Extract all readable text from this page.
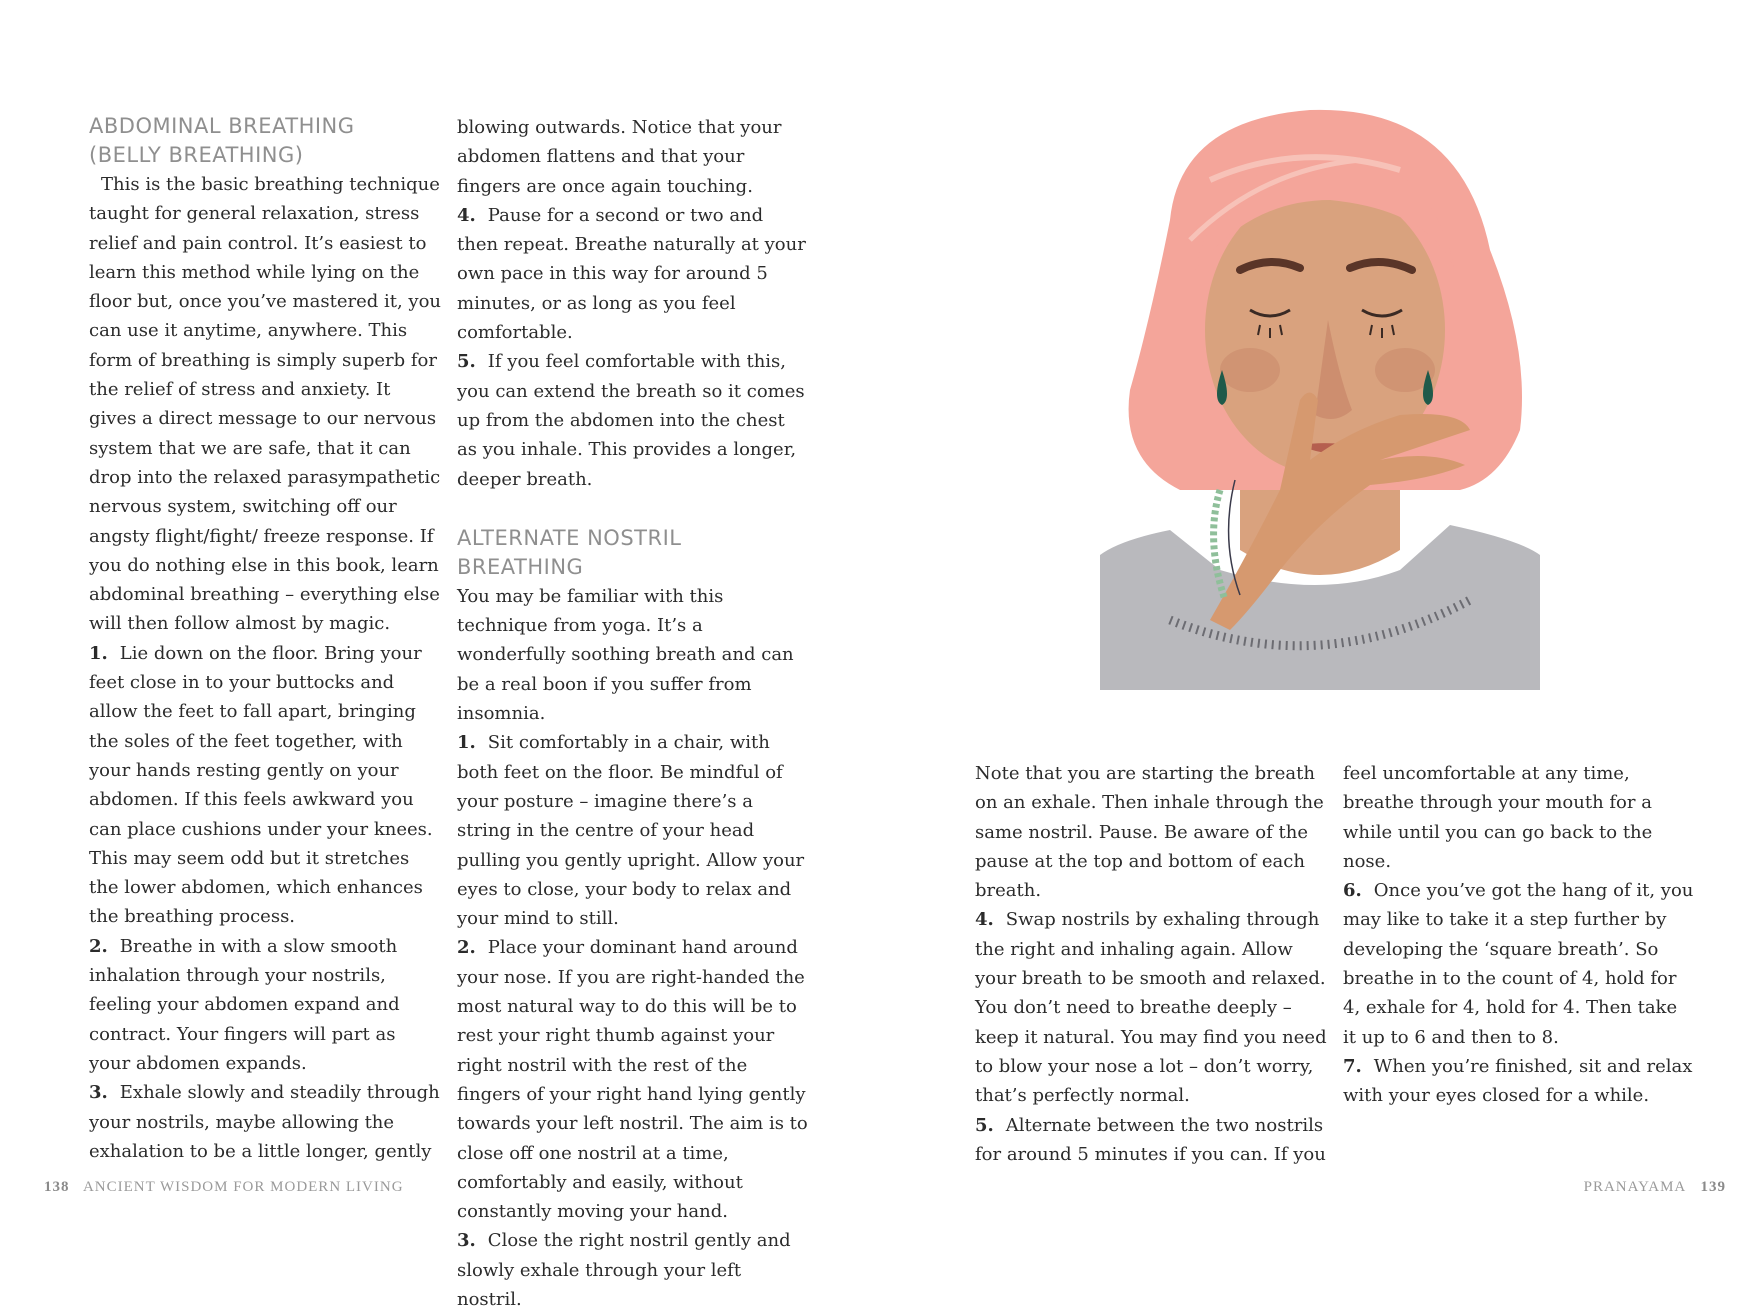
ABDOMINAL BREATHING
(BELLY BREATHING)

This is the basic breathing technique taught for general relaxation, stress relief and pain control. It’s easiest to learn this method while lying on the floor but, once you’ve mastered it, you can use it anytime, anywhere. This form of breathing is simply superb for the relief of stress and anxiety. It gives a direct message to our nervous system that we are safe, that it can drop into the relaxed parasympathetic nervous system, switching off our angsty flight/fight/ freeze response. If you do nothing else in this book, learn abdominal breathing – everything else will then follow almost by magic.

1. Lie down on the floor. Bring your feet close in to your buttocks and allow the feet to fall apart, bringing the soles of the feet together, with your hands resting gently on your abdomen. If this feels awkward you can place cushions under your knees. This may seem odd but it stretches the lower abdomen, which enhances the breathing process.

2. Breathe in with a slow smooth inhalation through your nostrils, feeling your abdomen expand and contract. Your fingers will part as your abdomen expands.

3. Exhale slowly and steadily through your nostrils, maybe allowing the exhalation to be a little longer, gently

blowing outwards. Notice that your abdomen flattens and that your fingers are once again touching.

4. Pause for a second or two and then repeat. Breathe naturally at your own pace in this way for around 5 minutes, or as long as you feel comfortable.

5. If you feel comfortable with this, you can extend the breath so it comes up from the abdomen into the chest as you inhale. This provides a longer, deeper breath.

ALTERNATE NOSTRIL
BREATHING

You may be familiar with this technique from yoga. It’s a wonderfully soothing breath and can be a real boon if you suffer from insomnia.

1. Sit comfortably in a chair, with both feet on the floor. Be mindful of your posture – imagine there’s a string in the centre of your head pulling you gently upright. Allow your eyes to close, your body to relax and your mind to still.

2. Place your dominant hand around your nose. If you are right-handed the most natural way to do this will be to rest your right thumb against your right nostril with the rest of the fingers of your right hand lying gently towards your left nostril. The aim is to close off one nostril at a time, comfortably and easily, without constantly moving your hand.

3. Close the right nostril gently and slowly exhale through your left nostril.

Note that you are starting the breath on an exhale. Then inhale through the same nostril. Pause. Be aware of the pause at the top and bottom of each breath.

4. Swap nostrils by exhaling through the right and inhaling again. Allow your breath to be smooth and relaxed. You don’t need to breathe deeply – keep it natural. You may find you need to blow your nose a lot – don’t worry, that’s perfectly normal.

5. Alternate between the two nostrils for around 5 minutes if you can. If you

feel uncomfortable at any time, breathe through your mouth for a while until you can go back to the nose.

6. Once you’ve got the hang of it, you may like to take it a step further by developing the ‘square breath’. So breathe in to the count of 4, hold for 4, exhale for 4, hold for 4. Then take it up to 6 and then to 8.

7. When you’re finished, sit and relax with your eyes closed for a while.

138 ANCIENT WISDOM FOR MODERN LIVING	PRANAYAMA 139
